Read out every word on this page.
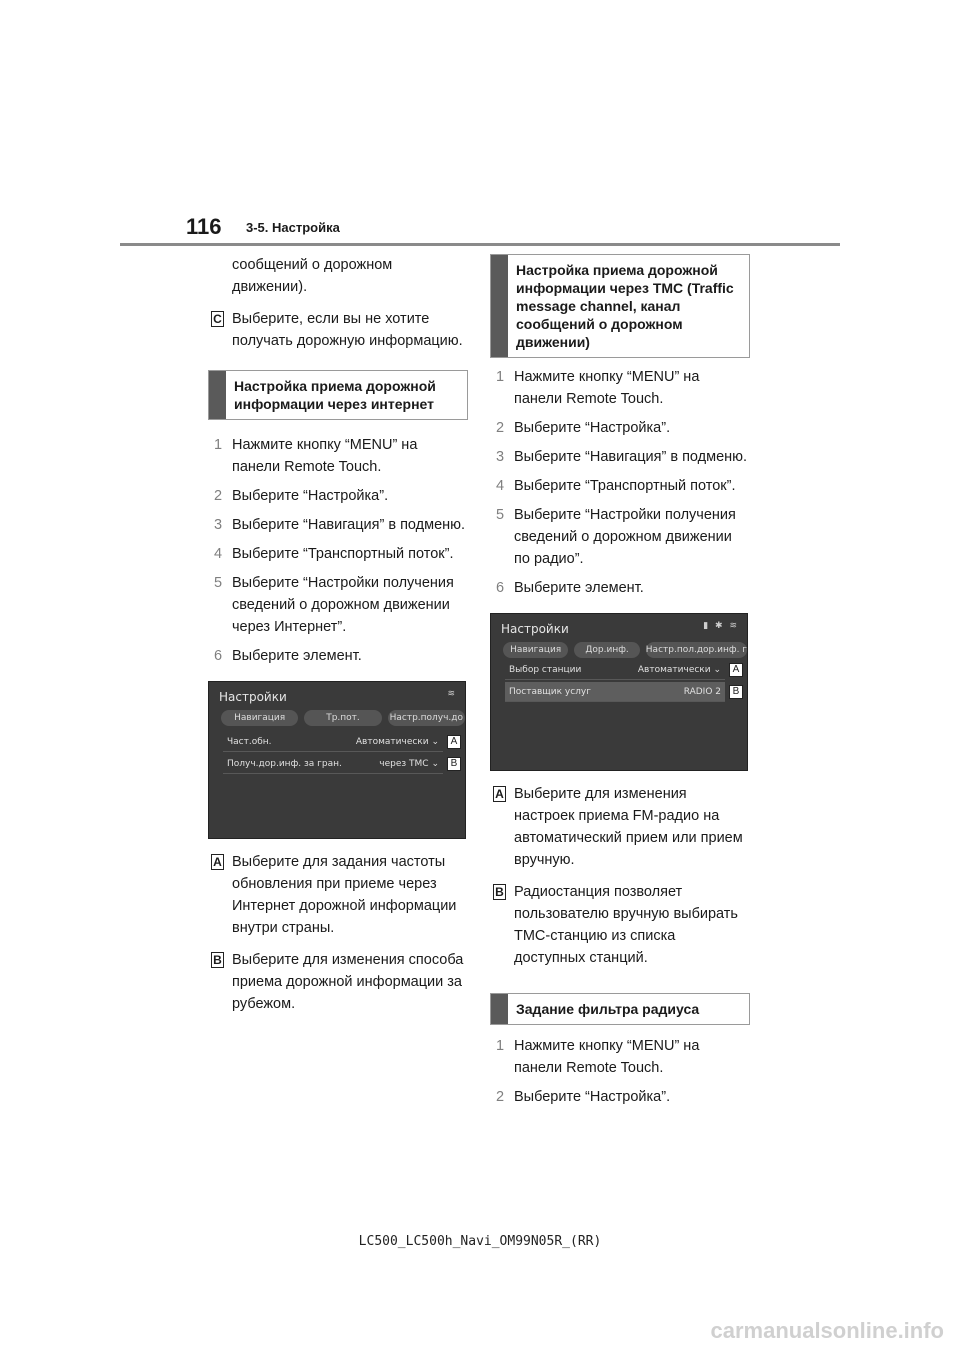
116 3-5. Настройка
сообщений о дорожном движении).
C Выберите, если вы не хотите получать дорожную информацию.
Настройка приема дорожной информации через интернет
1 Нажмите кнопку “MENU” на панели Remote Touch.
2 Выберите “Настройка”.
3 Выберите “Навигация” в подменю.
4 Выберите “Транспортный поток”.
5 Выберите “Настройки получения сведений о дорожном движении через Интернет”.
6 Выберите элемент.
Настройки	≋
Навигация	Тр.пот.	Настр.получ.до
Част.обн.	Автоматически ⌄	A
Получ.дор.инф. за гран.	через TMC ⌄	B
A Выберите для задания частоты обновления при приеме через Интернет дорожной информации внутри страны.
B Выберите для изменения способа приема дорожной информации за рубежом.
Настройка приема дорожной информации через TMC (Traffic message channel, канал сообщений о дорожном движении)
1 Нажмите кнопку “MENU” на панели Remote Touch.
2 Выберите “Настройка”.
3 Выберите “Навигация” в подменю.
4 Выберите “Транспортный поток”.
5 Выберите “Настройки получения сведений о дорожном движении по радио”.
6 Выберите элемент.
Настройки	▮ ✱ ≋
Навигация	Дор.инф.	Настр.пол.дор.инф. г
Выбор станции	Автоматически ⌄	A
Поставщик услуг	RADIO 2	B
A Выберите для изменения настроек приема FM-радио на автоматический прием или прием вручную.
B Радиостанция позволяет пользователю вручную выбирать TMC-станцию из списка доступных станций.
Задание фильтра радиуса
1 Нажмите кнопку “MENU” на панели Remote Touch.
2 Выберите “Настройка”.
LC500_LC500h_Navi_OM99N05R_(RR)
carmanualsonline.info
